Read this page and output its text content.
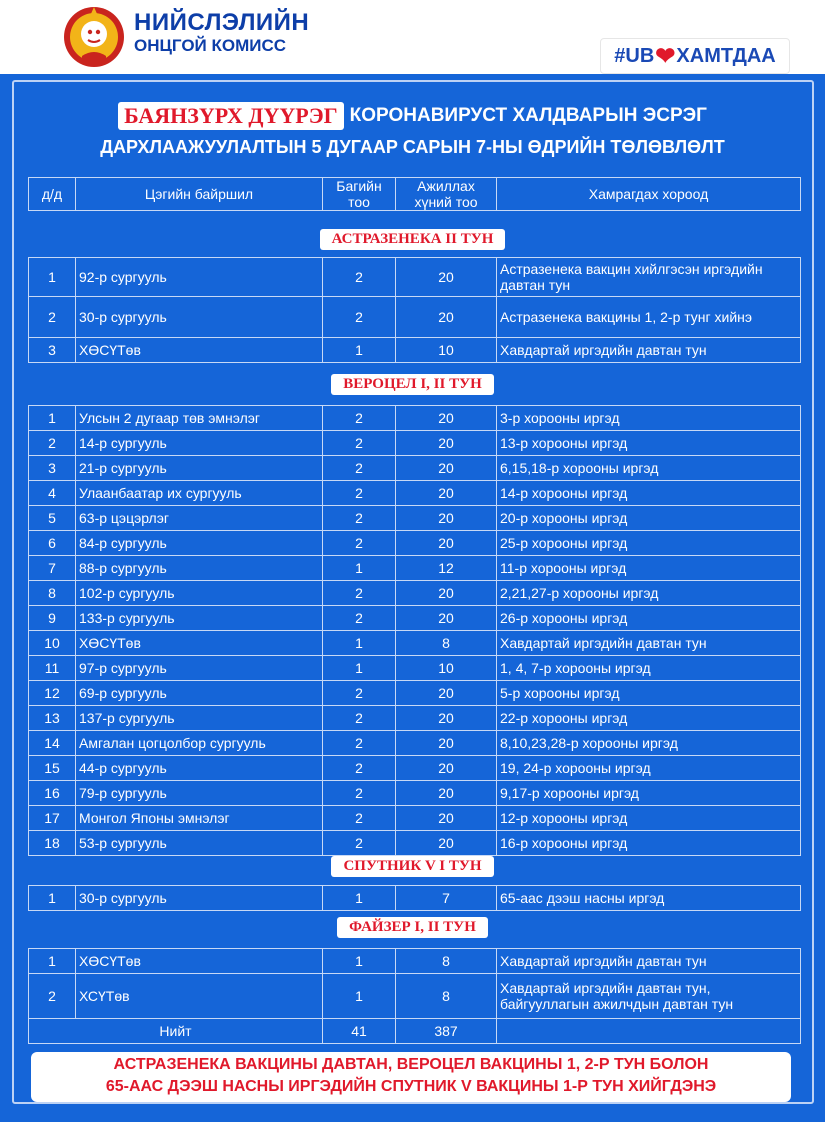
НИЙСЛЭЛИЙН
ОНЦГОЙ КОМИСС	#UB ❤ ХАМТДАА
БАЯНЗҮРХ ДҮҮРЭГ КОРОНАВИРУСТ ХАЛДВАРЫН ЭСРЭГ
ДАРХЛААЖУУЛАЛТЫН 5 ДУГААР САРЫН 7-НЫ ӨДРИЙН ТӨЛӨВЛӨЛТ
д/д	Цэгийн байршил	Багийн тоо	Ажиллах хүний тоо	Хамрагдах хороод
АСТРАЗЕНЕКА II ТУН
1	92-р сургууль	2	20	Астразенека вакцин хийлгэсэн иргэдийн давтан тун
2	30-р сургууль	2	20	Астразенека вакцины 1, 2-р тунг хийнэ
3	ХӨСҮТөв	1	10	Хавдартай иргэдийн давтан тун
ВЕРОЦЕЛ I, II ТУН
1	Улсын 2 дугаар төв эмнэлэг	2	20	3-р хорооны иргэд
2	14-р сургууль	2	20	13-р хорооны иргэд
3	21-р сургууль	2	20	6,15,18-р хорооны иргэд
4	Улаанбаатар их сургууль	2	20	14-р хорооны иргэд
5	63-р цэцэрлэг	2	20	20-р хорооны иргэд
6	84-р сургууль	2	20	25-р хорооны иргэд
7	88-р сургууль	1	12	11-р хорооны иргэд
8	102-р сургууль	2	20	2,21,27-р хорооны иргэд
9	133-р сургууль	2	20	26-р хорооны иргэд
10	ХӨСҮТөв	1	8	Хавдартай иргэдийн давтан тун
11	97-р сургууль	1	10	1, 4, 7-р хорооны иргэд
12	69-р сургууль	2	20	5-р хорооны иргэд
13	137-р сургууль	2	20	22-р хорооны иргэд
14	Амгалан цогцолбор сургууль	2	20	8,10,23,28-р хорооны иргэд
15	44-р сургууль	2	20	19, 24-р хорооны иргэд
16	79-р сургууль	2	20	9,17-р хорооны иргэд
17	Монгол Японы эмнэлэг	2	20	12-р хорооны иргэд
18	53-р сургууль	2	20	16-р хорооны иргэд
СПУТНИК V I ТУН
1	30-р сургууль	1	7	65-аас дээш насны иргэд
ФАЙЗЕР I, II ТУН
1	ХӨСҮТөв	1	8	Хавдартай иргэдийн давтан тун
2	ХСҮТөв	1	8	Хавдартай иргэдийн давтан тун, байгууллагын ажилчдын давтан тун
Нийт		41	387	
АСТРАЗЕНЕКА ВАКЦИНЫ ДАВТАН, ВЕРОЦЕЛ ВАКЦИНЫ 1, 2-Р ТУН БОЛОН
65-ААС ДЭЭШ НАСНЫ ИРГЭДИЙН СПУТНИК V ВАКЦИНЫ 1-Р ТУН ХИЙГДЭНЭ
